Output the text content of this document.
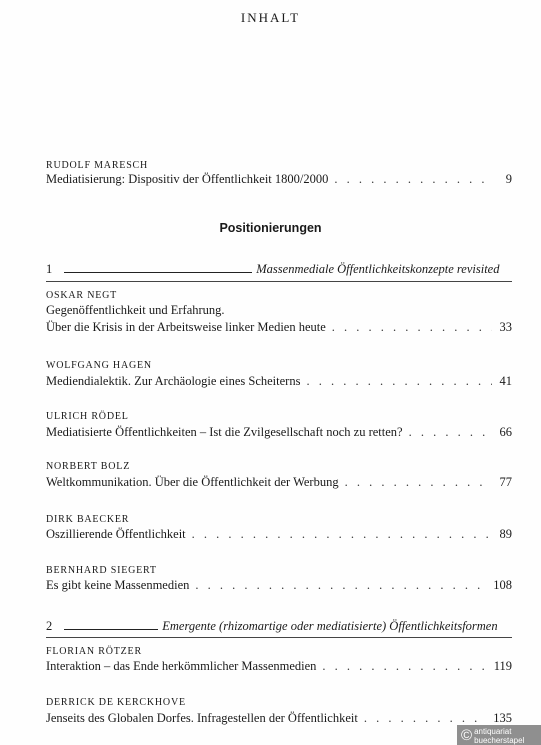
INHALT
RUDOLF MARESCH
Mediatisierung: Dispositiv der Öffentlichkeit 1800/2000 . . .	9
Positionierungen
1	Massenmediale Öffentlichkeitskonzepte revisited
OSKAR NEGT
Gegenöffentlichkeit und Erfahrung.
Über die Krisis in der Arbeitsweise linker Medien heute . . .	33
WOLFGANG HAGEN
Mediendialektik. Zur Archäologie eines Scheiterns . . .	41
ULRICH RÖDEL
Mediatisierte Öffentlichkeiten – Ist die Zvilgesellschaft noch zu retten? . . .	66
NORBERT BOLZ
Weltkommunikation. Über die Öffentlichkeit der Werbung . . .	77
DIRK BAECKER
Oszillierende Öffentlichkeit . . .	89
BERNHARD SIEGERT
Es gibt keine Massenmedien . . .	108
2	Emergente (rhizomartige oder mediatisierte) Öffentlichkeitsformen
FLORIAN RÖTZER
Interaktion – das Ende herkömmlicher Massenmedien . . .	119
DERRICK DE KERCKHOVE
Jenseits des Globalen Dorfes. Infragestellen der Öffentlichkeit . . .	135
© antiquariat
buecherstapel
